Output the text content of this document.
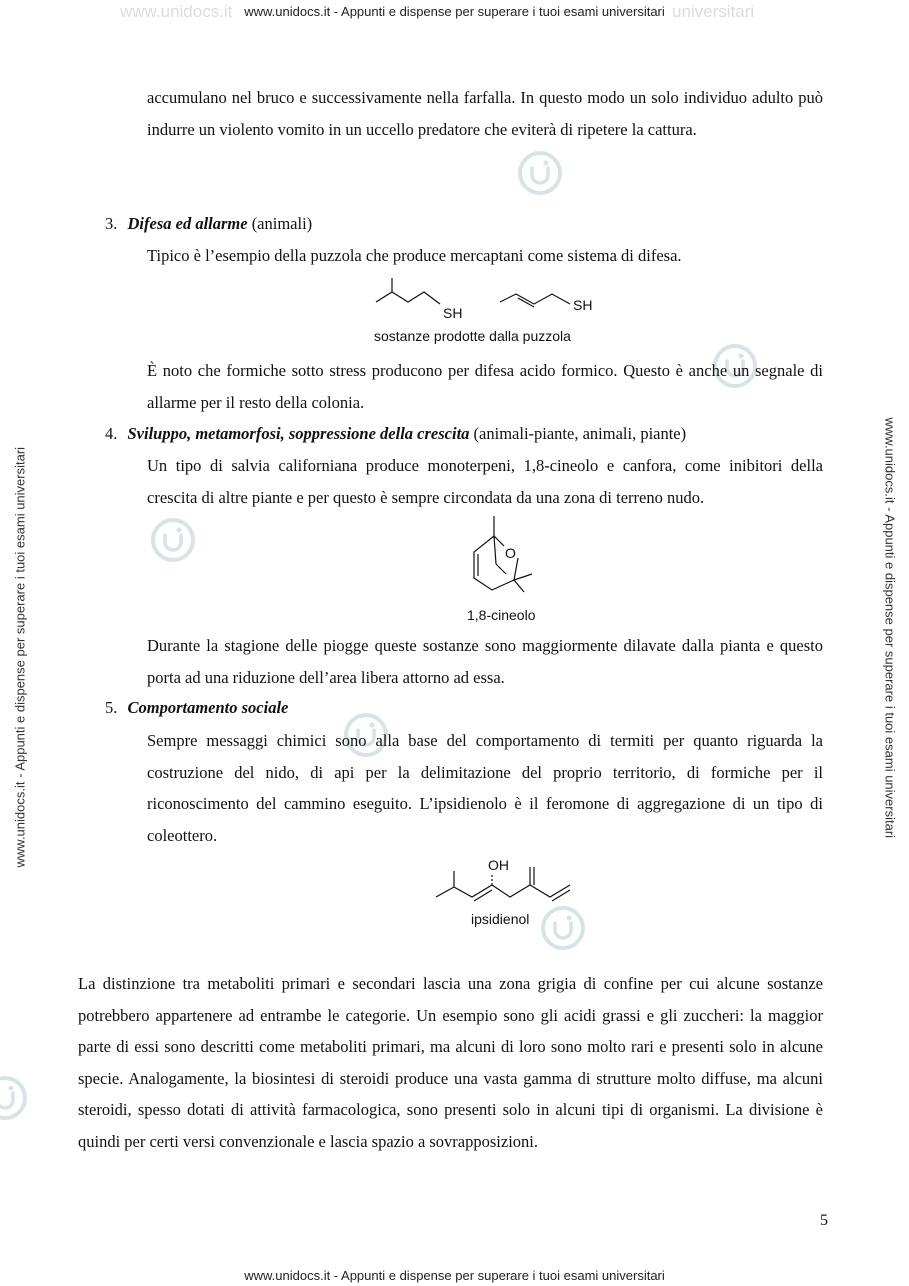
www.unidocs.it	universitari
www.unidocs.it - Appunti e dispense per superare i tuoi esami universitari
www.unidocs.it - Appunti e dispense per superare i tuoi esami universitari
www.unidocs.it - Appunti e dispense per superare i tuoi esami universitari	www.unidocs.it - Appunti e dispense per superare i tuoi esami universitari
accumulano nel bruco e successivamente nella farfalla. In questo modo un solo individuo adulto può indurre un violento vomito in un uccello predatore che eviterà di ripetere la cattura.
3. Difesa ed allarme (animali)
Tipico è l’esempio della puzzola che produce mercaptani come sistema di difesa.
SH	SH
sostanze prodotte dalla puzzola
È noto che formiche sotto stress producono per difesa acido formico. Questo è anche un segnale di allarme per il resto della colonia.
4. Sviluppo, metamorfosi, soppressione della crescita (animali-piante, animali, piante)
Un tipo di salvia californiana produce monoterpeni, 1,8-cineolo e canfora, come inibitori della crescita di altre piante e per questo è sempre circondata da una zona di terreno nudo.
O
1,8-cineolo
Durante la stagione delle piogge queste sostanze sono maggiormente dilavate dalla pianta e questo porta ad una riduzione dell’area libera attorno ad essa.
5. Comportamento sociale
Sempre messaggi chimici sono alla base del comportamento di termiti per quanto riguarda la costruzione del nido, di api per la delimitazione del proprio territorio, di formiche per il riconoscimento del cammino eseguito. L’ipsidienolo è il feromone di aggregazione di un tipo di coleottero.
OH
ipsidienol
La distinzione tra metaboliti primari e secondari lascia una zona grigia di confine per cui alcune sostanze potrebbero appartenere ad entrambe le categorie. Un esempio sono gli acidi grassi e gli zuccheri: la maggior parte di essi sono descritti come metaboliti primari, ma alcuni di loro sono molto rari e presenti solo in alcune specie. Analogamente, la biosintesi di steroidi produce una vasta gamma di strutture molto diffuse, ma alcuni steroidi, spesso dotati di attività farmacologica, sono presenti solo in alcuni tipi di organismi. La divisione è quindi per certi versi convenzionale e lascia spazio a sovrapposizioni.
5
